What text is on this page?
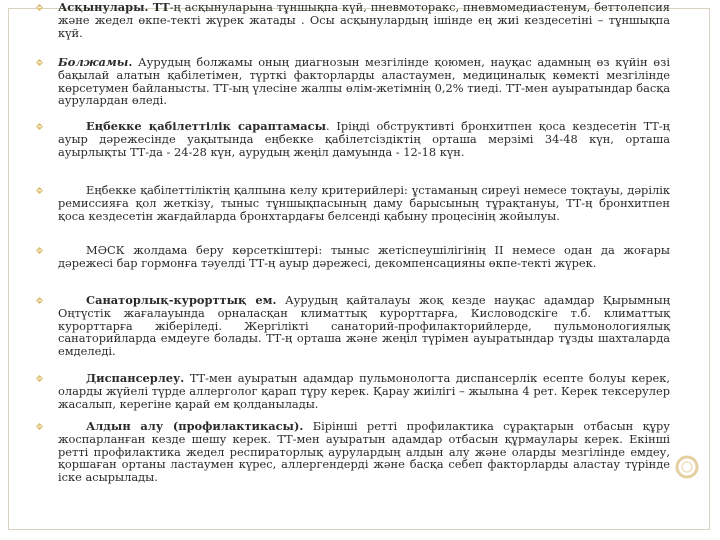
Асқынулары. ТТ-ң асқынуларына тұншықпа күй, пневмоторакс, пневмомедиастенум, беттолепсия және жедел өкпе-текті жүрек жатады . Осы асқынулардың ішінде ең жиі кездесетіні – тұншықпа күй.

Болжамы. Аурудың болжамы оның диагнозын мезгілінде қоюмен, науқас адамның өз күйін өзі бақылай алатын қабілетімен, түрткі факторларды аластаумен, медициналық көмекті мезгілінде көрсетумен байланысты. ТТ-ың үлесіне жалпы өлім-жетімнің 0,2% тиеді. ТТ-мен ауыратындар басқа аурулардан өледі.

Еңбекке қабілеттілік сараптамасы. Іріңді обструктивті бронхитпен қоса кездесетін ТТ-ң ауыр дәрежесінде уақытында еңбекке қабілетсіздіктің орташа мерзімі 34-48 күн, орташа ауырлықты ТТ-да - 24-28 күн, аурудың жеңіл дамуында - 12-18 күн.

Еңбекке қабілеттіліктің қалпына келу критерийлері: ұстаманың сиреуі немесе тоқтауы, дәрілік ремиссияға қол жеткізу, тыныс тұншықпасының даму барысының тұрақтануы, ТТ-ң бронхитпен қоса кездесетін жағдайларда бронхтардағы белсенді қабыну процесінің жойылуы.

МӘСК жолдама беру көрсеткіштері: тыныс жетіспеушілігінің II немесе одан да жоғары дәрежесі бар гормонға тәуелді ТТ-ң ауыр дәрежесі, декомпенсацияны өкпе-текті жүрек.

Санаторлық-курорттық ем. Аурудың қайталауы жоқ кезде науқас адамдар Қырымның Оңтүстік жағалауында орналасқан климаттық курорттарға, Кисловодскіге т.б. климаттық курорттарға жіберіледі. Жергілікті санаторий-профилакторийлерде, пульмонологиялық санаторийларда емдеуге болады. ТТ-ң орташа және жеңіл түрімен ауыратындар тұзды шахталарда емделеді.

Диспансерлеу. ТТ-мен ауыратын адамдар пульмонологта диспансерлік есепте болуы керек, оларды жүйелі түрде аллерголог қарап тұру керек. Қарау жиілігі – жылына 4 рет. Керек тексерулер жасалып, керегіне қарай ем қолданылады.

Алдын алу (профилактикасы). Бірінші ретті профилактика сұрақтарын отбасын құру жоспарланған кезде шешу керек. ТТ-мен ауыратын адамдар отбасын құрмаулары керек. Екінші ретті профилактика жедел респираторлық аурулардың алдын алу және оларды мезгілінде емдеу, қоршаған ортаны ластаумен күрес, аллергендерді және басқа себеп факторларды аластау түрінде іске асырылады.
